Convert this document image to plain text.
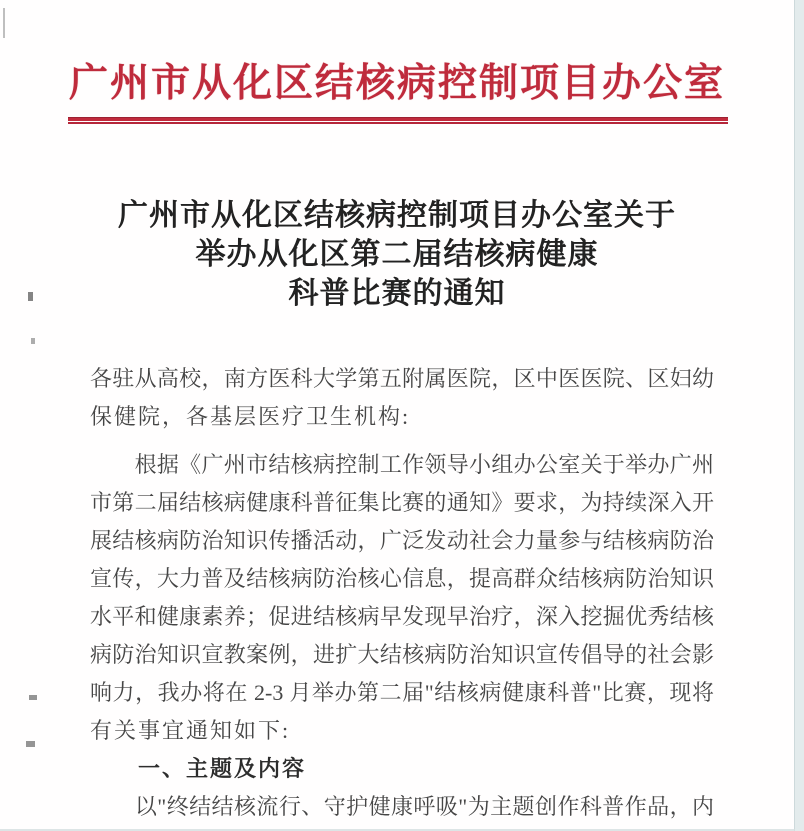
广州市从化区结核病控制项目办公室
广州市从化区结核病控制项目办公室关于
举办从化区第二届结核病健康
科普比赛的通知
各驻从高校，南方医科大学第五附属医院，区中医医院、区妇幼
保健院，各基层医疗卫生机构:
　　根据《广州市结核病控制工作领导小组办公室关于举办广州
市第二届结核病健康科普征集比赛的通知》要求，为持续深入开
展结核病防治知识传播活动，广泛发动社会力量参与结核病防治
宣传，大力普及结核病防治核心信息，提高群众结核病防治知识
水平和健康素养；促进结核病早发现早治疗，深入挖掘优秀结核
病防治知识宣教案例，进扩大结核病防治知识宣传倡导的社会影
响力，我办将在 2-3 月举办第二届"结核病健康科普"比赛，现将
有关事宜通知如下:
　　一、主题及内容
　　以"终结结核流行、守护健康呼吸"为主题创作科普作品，内
